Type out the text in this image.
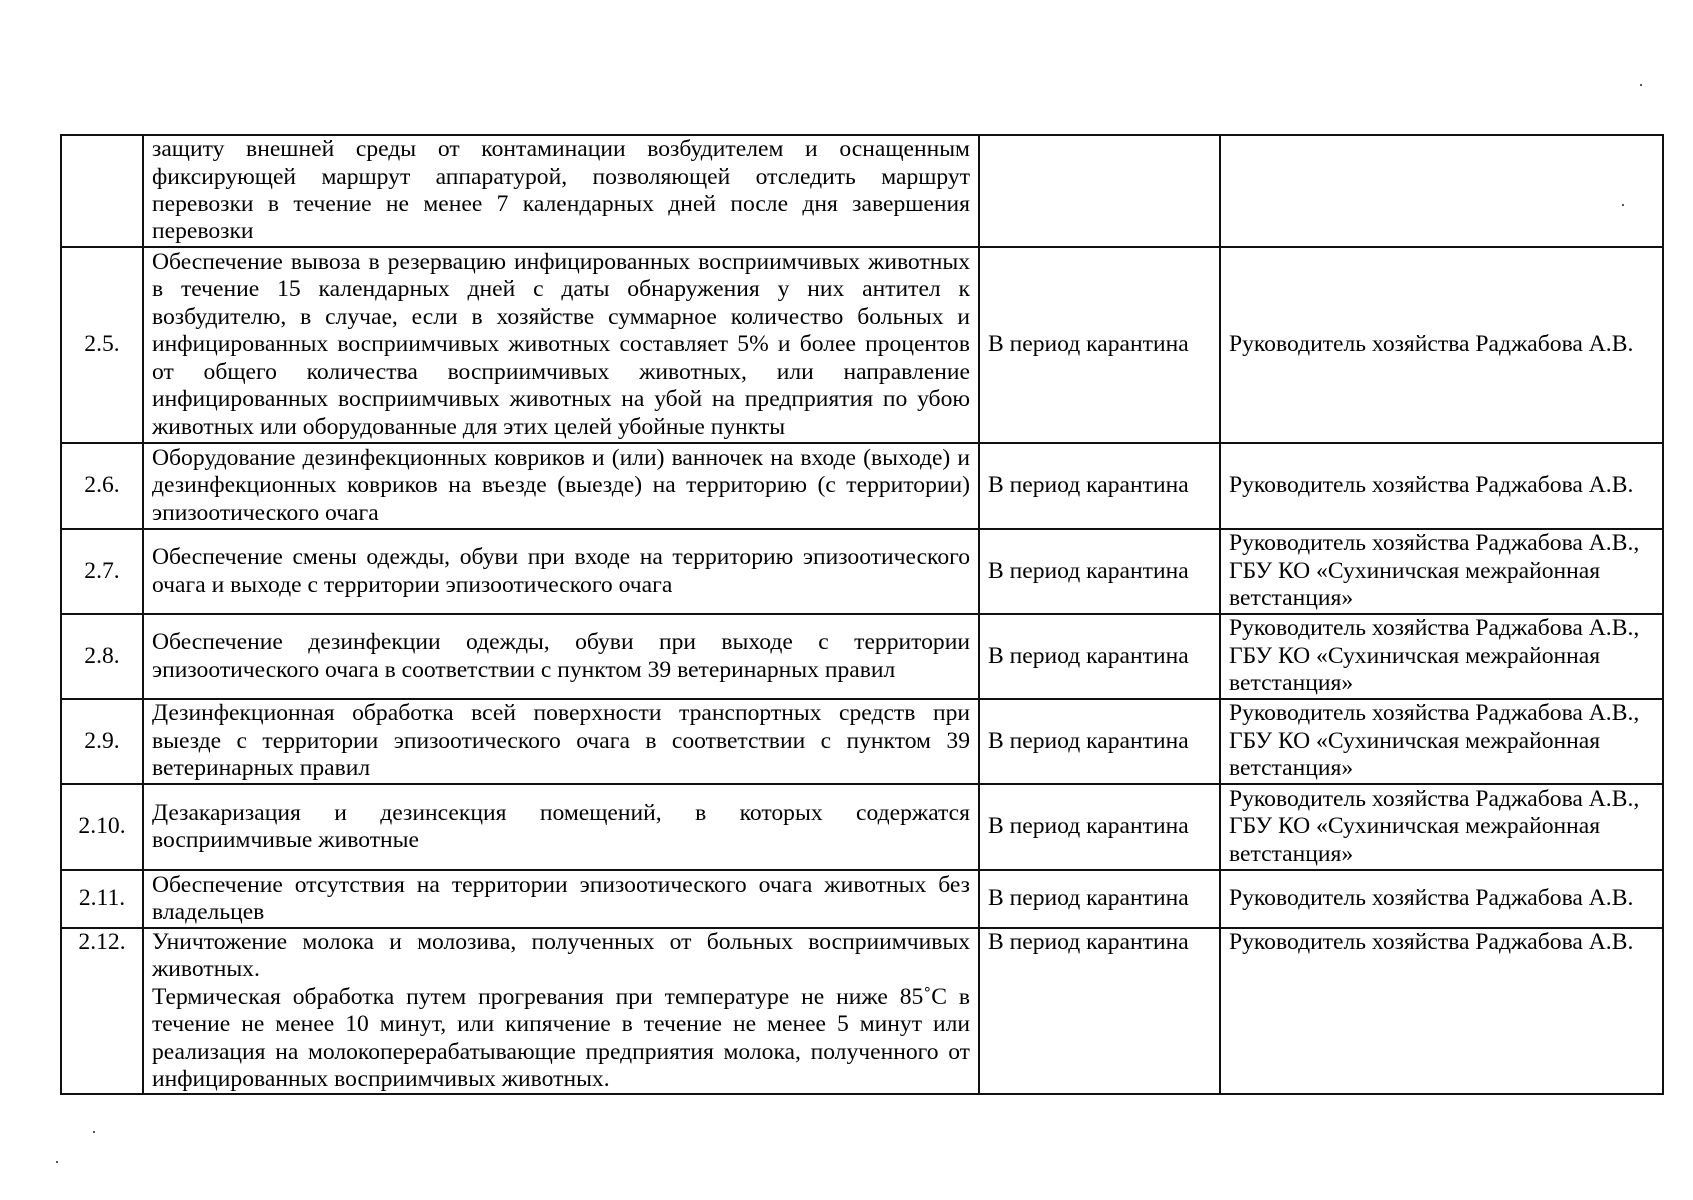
	защиту внешней среды от контаминации возбудителем и оснащенным фиксирующей маршрут аппаратурой, позволяющей отследить маршрут перевозки в течение не менее 7 календарных дней после дня завершения перевозки		

2.5.	Обеспечение вывоза в резервацию инфицированных восприимчивых животных в течение 15 календарных дней с даты обнаружения у них антител к возбудителю, в случае, если в хозяйстве суммарное количество больных и инфицированных восприимчивых животных составляет 5% и более процентов от общего количества восприимчивых животных, или направление инфицированных восприимчивых животных на убой на предприятия по убою животных или оборудованные для этих целей убойные пункты	В период карантина	Руководитель хозяйства Раджабова А.В.
2.6.	Оборудование дезинфекционных ковриков и (или) ванночек на входе (выходе) и дезинфекционных ковриков на въезде (выезде) на территорию (с территории) эпизоотического очага	В период карантина	Руководитель хозяйства Раджабова А.В.
2.7.	Обеспечение смены одежды, обуви при входе на территорию эпизоотического очага и выходе с территории эпизоотического очага	В период карантина	Руководитель хозяйства Раджабова А.В., ГБУ КО «Сухиничская межрайонная ветстанция»
2.8.	Обеспечение дезинфекции одежды, обуви при выходе с территории эпизоотического очага в соответствии с пунктом 39 ветеринарных правил	В период карантина	Руководитель хозяйства Раджабова А.В., ГБУ КО «Сухиничская межрайонная ветстанция»
2.9.	Дезинфекционная обработка всей поверхности транспортных средств при выезде с территории эпизоотического очага в соответствии с пунктом 39 ветеринарных правил	В период карантина	Руководитель хозяйства Раджабова А.В., ГБУ КО «Сухиничская межрайонная ветстанция»
2.10.	Дезакаризация и дезинсекция помещений, в которых содержатся восприимчивые животные	В период карантина	Руководитель хозяйства Раджабова А.В., ГБУ КО «Сухиничская межрайонная ветстанция»
2.11.	Обеспечение отсутствия на территории эпизоотического очага животных без владельцев	В период карантина	Руководитель хозяйства Раджабова А.В.
2.12.	Уничтожение молока и молозива, полученных от больных восприимчивых животных.
Термическая обработка путем прогревания при температуре не ниже 85˚С в течение не менее 10 минут, или кипячение в течение не менее 5 минут или реализация на молокоперерабатывающие предприятия молока, полученного от инфицированных восприимчивых животных.	В период карантина	Руководитель хозяйства Раджабова А.В.
